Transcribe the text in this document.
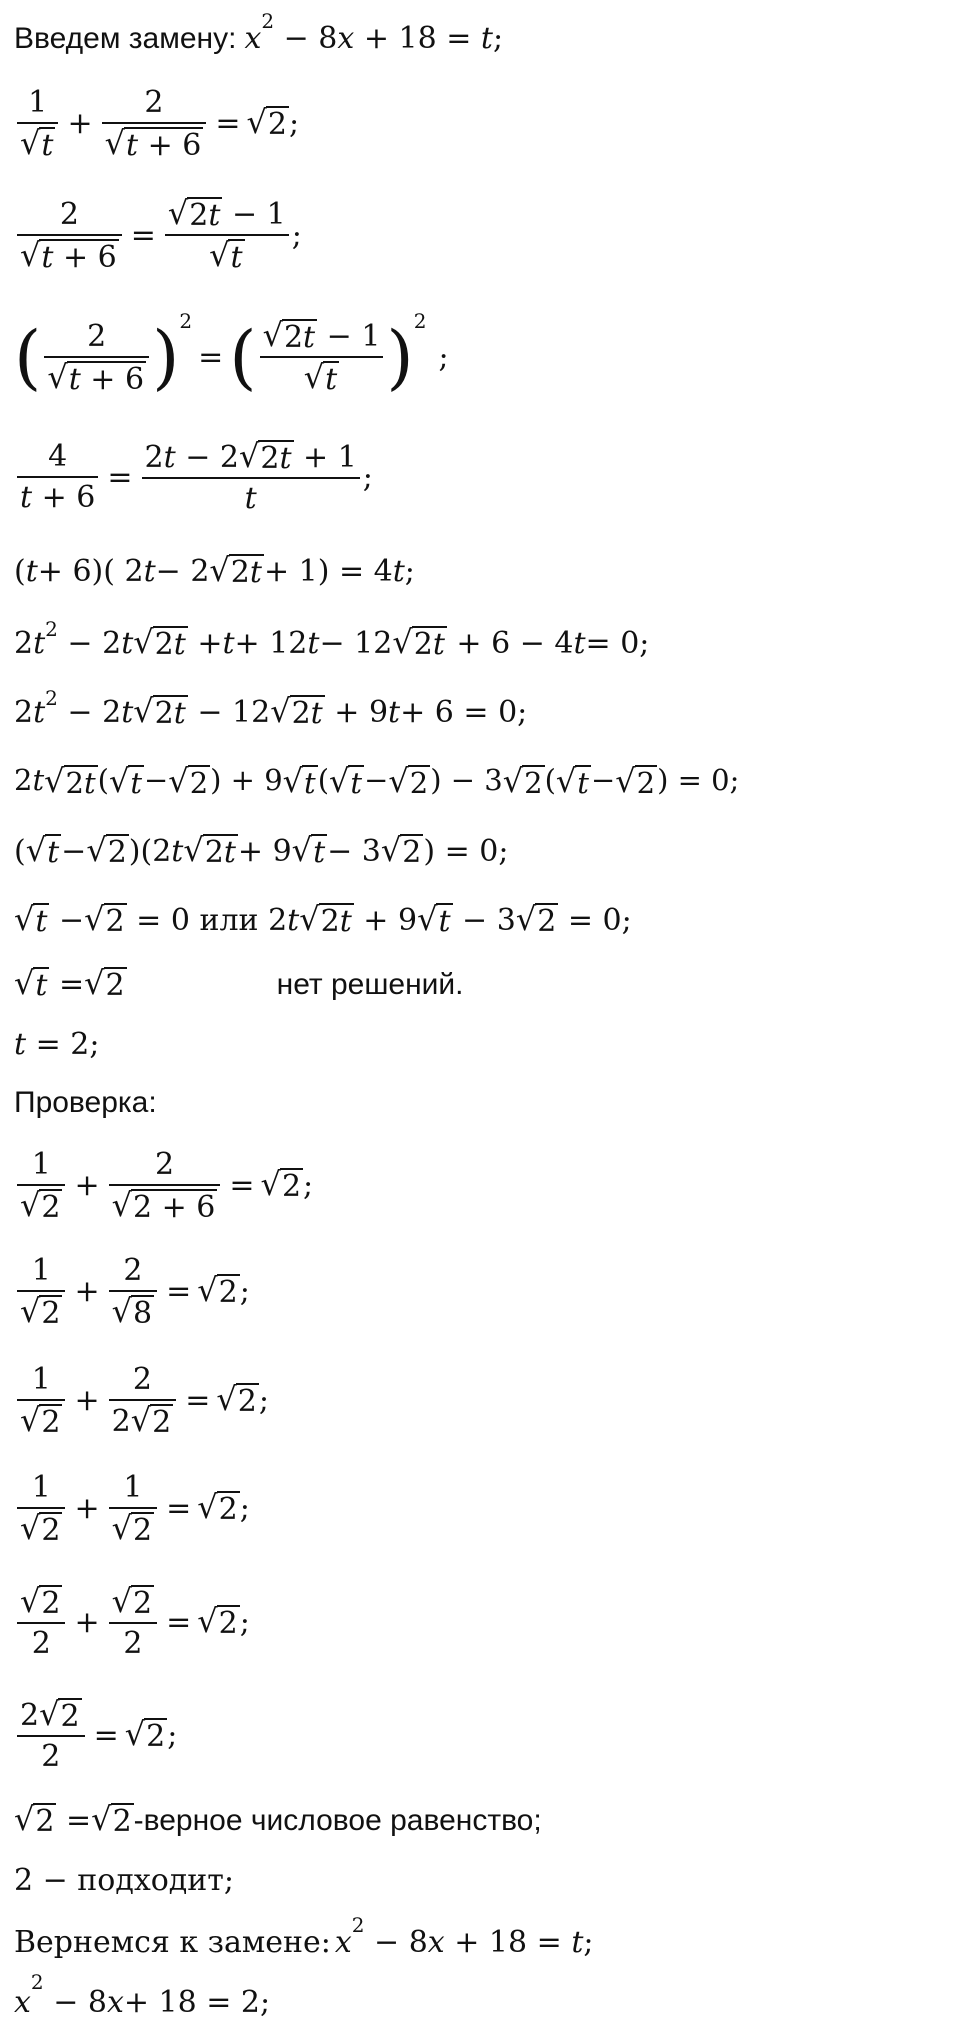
Введем замену: $x^2 - 8x + 18 = t$;
$\frac{1}{√ t} + \frac{2}{√ t + 6}$ = √ 2 ;
$\frac{2}{√ t + 6} = \frac{√ 2t - 1}{√ t}$ ;
( $\frac{2}{√ t + 6}$ ) 2
= ( $\frac{√ 2t - 1}{√ t}$ ) 2
;
$\frac{4}{t + 6} = \frac{2t - 2 √ 2t + 1}{t}$ ;
( t + 6)( 2 t − 2 √ 2t + 1) = 4 t ;
2 t 2 − 2 t √ 2t + t + 12 t − 12 √ 2t + 6 − 4 t = 0;
2 t 2 − 2 t √ 2t − 12 √ 2t + 9 t + 6 = 0;
2 t √ 2t ( √ t − √ 2 ) + 9 √ t ( √ t − √ 2 ) − 3 √ 2 ( √ t − √ 2 ) = 0;
( √ t − √ 2 )(2 t √ 2t + 9 √ t − 3 √ 2 ) = 0;
√ t − √ 2 = 0 или 2 t √ 2t + 9 √ t − 3 √ 2 = 0;
√ t = √ 2	нет решений.
t = 2;
Проверка:
$\frac{1}{√ 2} + \frac{2}{√ 2 + 6}$ = √ 2 ;
$\frac{1}{√ 2} + \frac{2}{√ 8}$ = √ 2 ;
$\frac{1}{√ 2} + \frac{2}{2 √ 2}$ = √ 2 ;
$\frac{1}{√ 2} + \frac{1}{√ 2}$ = √ 2 ;
$\frac{√ 2}{2} + \frac{√ 2}{2}$ = √ 2 ;
$\frac{2 √ 2}{2}$ = √ 2 ;
√ 2 = √ 2 -верное числовое равенство;
2 − подходит;
Вернемся к замене: $x^2 - 8x + 18 = t$;
x
2
− 8 x + 18 = 2;
